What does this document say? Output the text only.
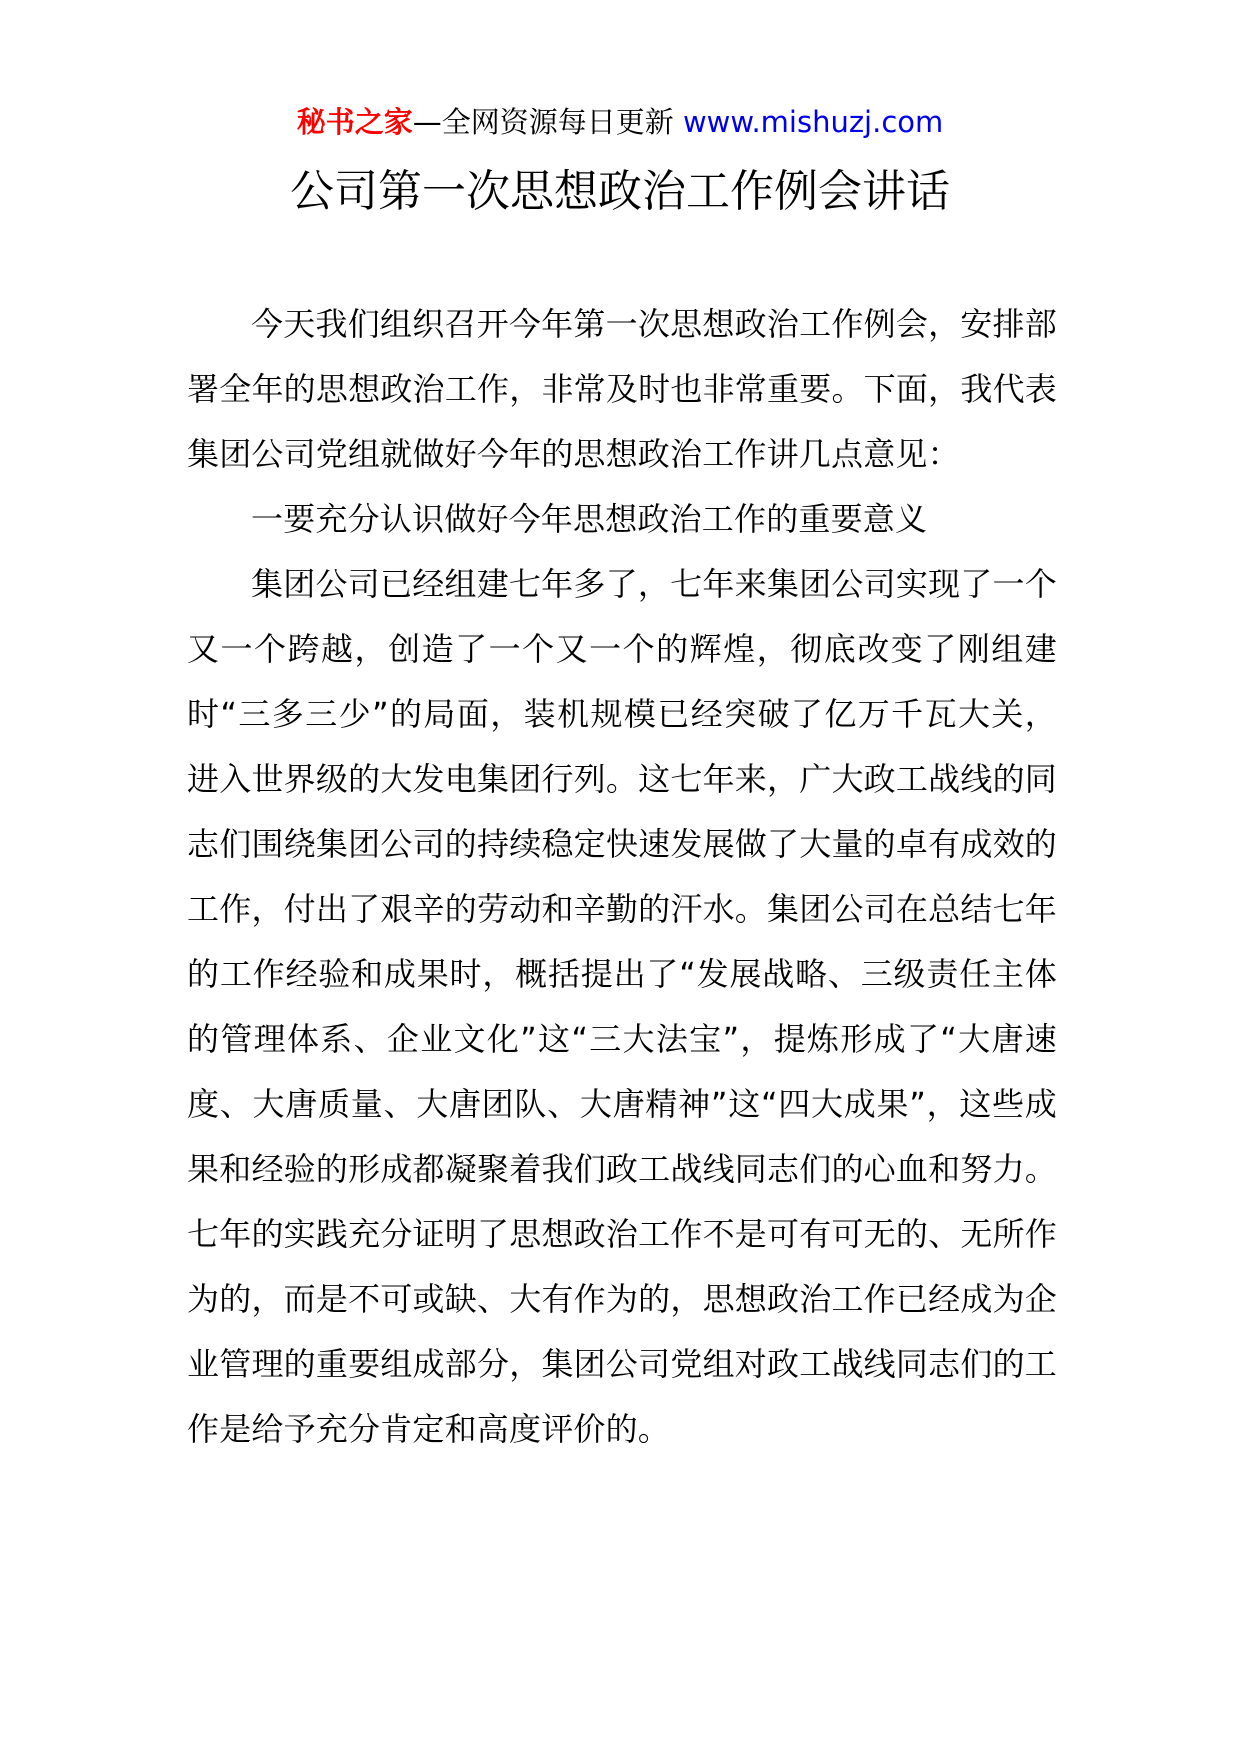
秘书之家—全网资源每日更新 www.mishuzj.com
公司第一次思想政治工作例会讲话

今天我们组织召开今年第一次思想政治工作例会，安排部署全年的思想政治工作，非常及时也非常重要。下面，我代表集团公司党组就做好今年的思想政治工作讲几点意见：

一要充分认识做好今年思想政治工作的重要意义

集团公司已经组建七年多了，七年来集团公司实现了一个又一个跨越，创造了一个又一个的辉煌，彻底改变了刚组建时“三多三少”的局面，装机规模已经突破了亿万千瓦大关，进入世界级的大发电集团行列。这七年来，广大政工战线的同志们围绕集团公司的持续稳定快速发展做了大量的卓有成效的工作，付出了艰辛的劳动和辛勤的汗水。集团公司在总结七年的工作经验和成果时，概括提出了“发展战略、三级责任主体的管理体系、企业文化”这“三大法宝”，提炼形成了“大唐速度、大唐质量、大唐团队、大唐精神”这“四大成果”，这些成果和经验的形成都凝聚着我们政工战线同志们的心血和努力。七年的实践充分证明了思想政治工作不是可有可无的、无所作为的，而是不可或缺、大有作为的，思想政治工作已经成为企业管理的重要组成部分，集团公司党组对政工战线同志们的工作是给予充分肯定和高度评价的。
